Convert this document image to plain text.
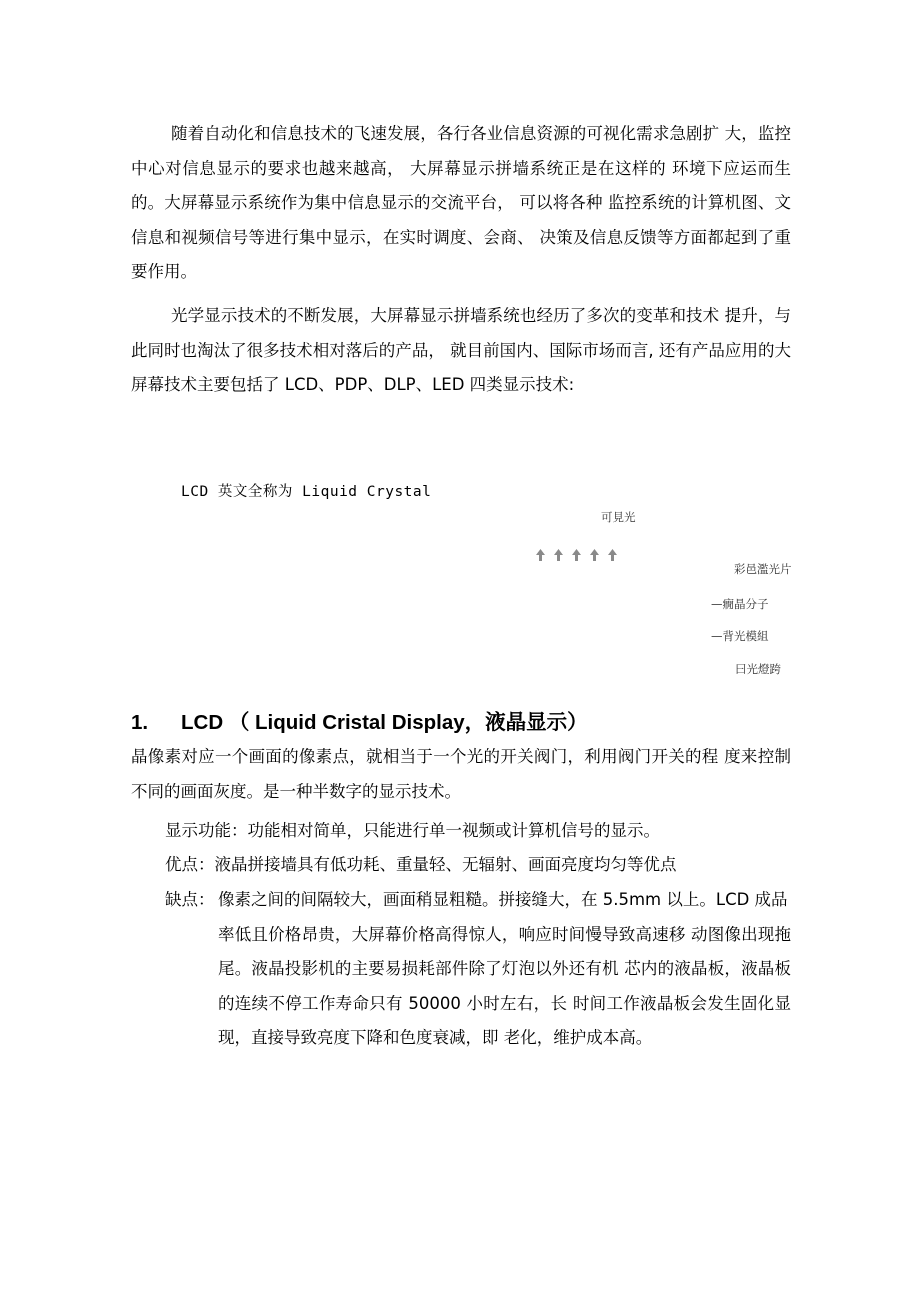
随着自动化和信息技术的飞速发展，各行各业信息资源的可视化需求急剧扩 大，监控中心对信息显示的要求也越来越高， 大屏幕显示拼墙系统正是在这样的 环境下应运而生的。大屏幕显示系统作为集中信息显示的交流平台， 可以将各种 监控系统的计算机图、文信息和视频信号等进行集中显示，在实时调度、会商、 决策及信息反馈等方面都起到了重要作用。

光学显示技术的不断发展，大屏幕显示拼墙系统也经历了多次的变革和技术 提升，与此同时也淘汰了很多技术相对落后的产品， 就目前国内、国际市场而言, 还有产品应用的大屏幕技术主要包括了 LCD、PDP、DLP、LED 四类显示技术:

LCD 英文全称为 Liquid Crystal
可見光
彩邑濫光片
—癇晶分子
—背光模組
曰光燈跨
1. LCD （ Liquid Cristal Display，液晶显示）

晶像素对应一个画面的像素点，就相当于一个光的开关阀门，利用阀门开关的程 度来控制不同的画面灰度。是一种半数字的显示技术。

显示功能：功能相对简单，只能进行单一视频或计算机信号的显示。

优点：液晶拼接墙具有低功耗、重量轻、无辐射、画面亮度均匀等优点

缺点： 像素之间的间隔较大，画面稍显粗糙。拼接缝大，在 5.5mm 以上。LCD 成品
率低且价格昂贵，大屏幕价格高得惊人，响应时间慢导致高速移 动图像出现拖尾。液晶投影机的主要易损耗部件除了灯泡以外还有机 芯内的液晶板，液晶板的连续不停工作寿命只有 50000 小时左右，长 时间工作液晶板会发生固化显现，直接导致亮度下降和色度衰减，即 老化，维护成本高。
